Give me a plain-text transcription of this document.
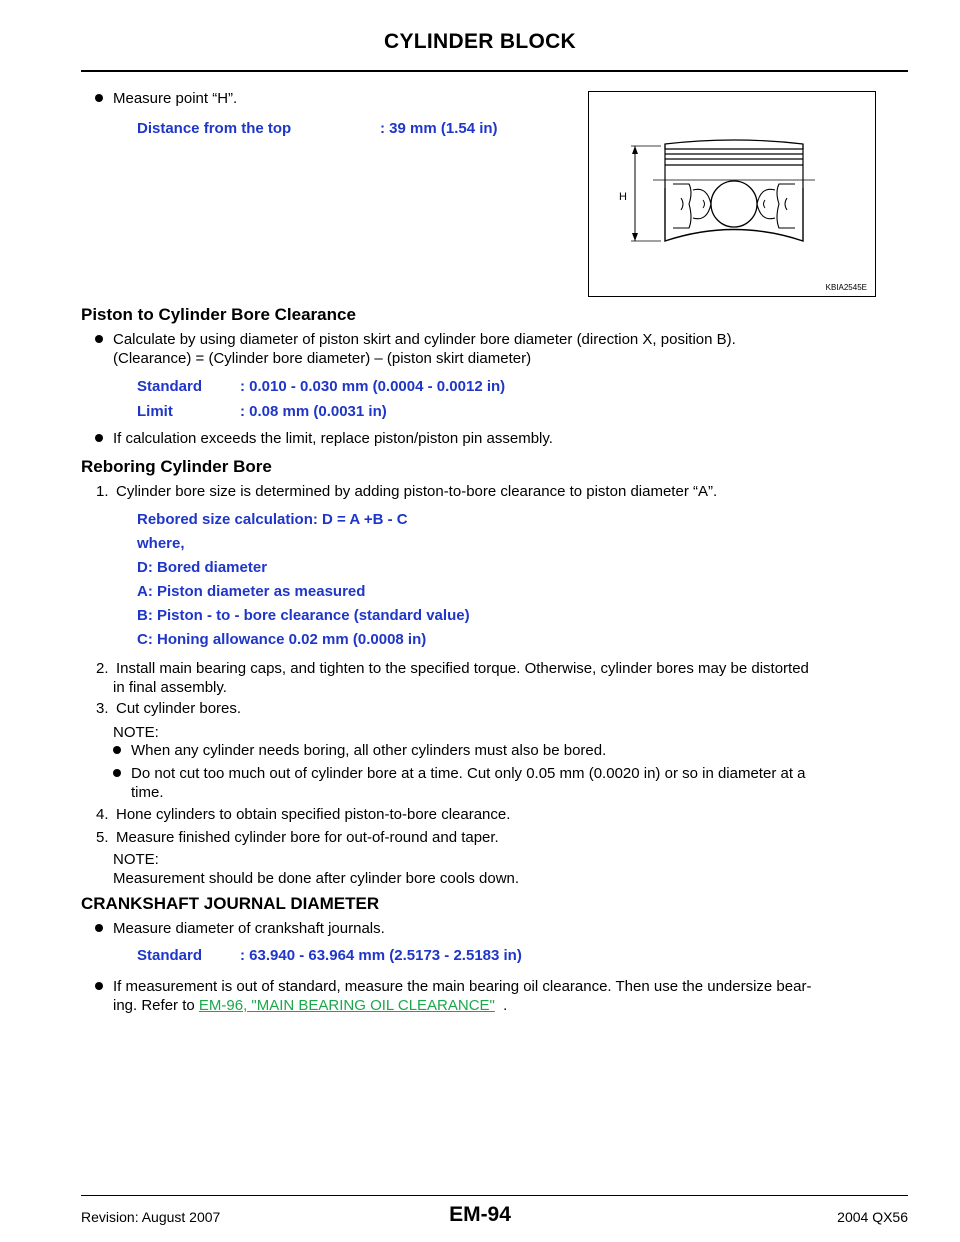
CYLINDER BLOCK
Measure point “H”.
Distance from the top	: 39 mm (1.54 in)
H
KBIA2545E
Piston to Cylinder Bore Clearance
Calculate by using diameter of piston skirt and cylinder bore diameter (direction X, position B).
(Clearance) = (Cylinder bore diameter) – (piston skirt diameter)
Standard	: 0.010 - 0.030 mm (0.0004 - 0.0012 in)
Limit	: 0.08 mm (0.0031 in)
If calculation exceeds the limit, replace piston/piston pin assembly.
Reboring Cylinder Bore
1. Cylinder bore size is determined by adding piston-to-bore clearance to piston diameter “A”.
Rebored size calculation: D = A +B - C
where,
D: Bored diameter
A: Piston diameter as measured
B: Piston - to - bore clearance (standard value)
C: Honing allowance 0.02 mm (0.0008 in)
2. Install main bearing caps, and tighten to the specified torque. Otherwise, cylinder bores may be distorted
in final assembly.
3. Cut cylinder bores.
NOTE:
When any cylinder needs boring, all other cylinders must also be bored.
Do not cut too much out of cylinder bore at a time. Cut only 0.05 mm (0.0020 in) or so in diameter at a
time.
4. Hone cylinders to obtain specified piston-to-bore clearance.
5. Measure finished cylinder bore for out-of-round and taper.
NOTE:
Measurement should be done after cylinder bore cools down.
CRANKSHAFT JOURNAL DIAMETER
Measure diameter of crankshaft journals.
Standard	: 63.940 - 63.964 mm (2.5173 - 2.5183 in)
If measurement is out of standard, measure the main bearing oil clearance. Then use the undersize bear-
ing. Refer to EM-96, "MAIN BEARING OIL CLEARANCE" .
Revision: August 2007	EM-94	2004 QX56
